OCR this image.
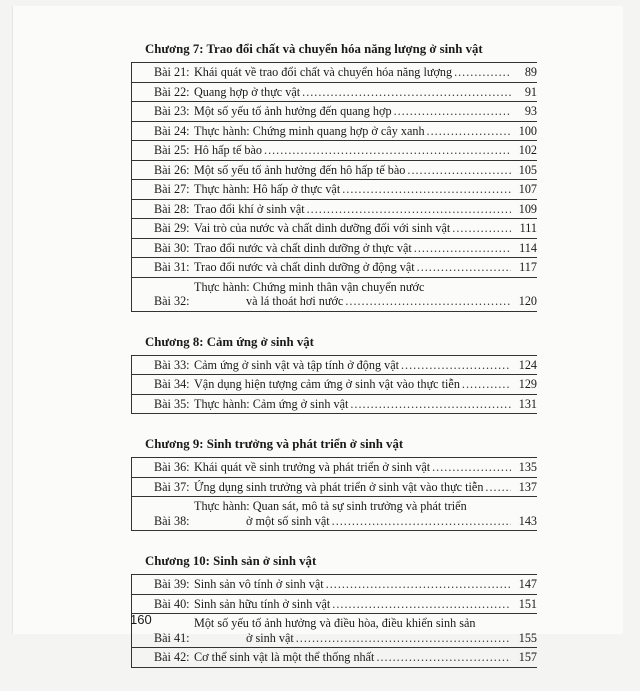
Chương 7: Trao đổi chất và chuyển hóa năng lượng ở sinh vật
Bài 21: Khái quát về trao đổi chất và chuyển hóa năng lượng .....	89
Bài 22: Quang hợp ở thực vật .....	91
Bài 23: Một số yếu tố ảnh hưởng đến quang hợp .....	93
Bài 24: Thực hành: Chứng minh quang hợp ở cây xanh .....	100
Bài 25: Hô hấp tế bào .....	102
Bài 26: Một số yếu tố ảnh hưởng đến hô hấp tế bào .....	105
Bài 27: Thực hành: Hô hấp ở thực vật .....	107
Bài 28: Trao đổi khí ở sinh vật .....	109
Bài 29: Vai trò của nước và chất dinh dưỡng đối với sinh vật .....	111
Bài 30: Trao đổi nước và chất dinh dưỡng ở thực vật .....	114
Bài 31: Trao đổi nước và chất dinh dưỡng ở động vật .....	117
Bài 32:
Thực hành: Chứng minh thân vận chuyển nước
và lá thoát hơi nước .....	120
Chương 8: Cảm ứng ở sinh vật
Bài 33: Cảm ứng ở sinh vật và tập tính ở động vật .....	124
Bài 34: Vận dụng hiện tượng cảm ứng ở sinh vật vào thực tiễn .....	129
Bài 35: Thực hành: Cảm ứng ở sinh vật .....	131
Chương 9: Sinh trưởng và phát triển ở sinh vật
Bài 36: Khái quát về sinh trưởng và phát triển ở sinh vật .....	135
Bài 37: Ứng dụng sinh trưởng và phát triển ở sinh vật vào thực tiễn .....	137
Bài 38:
Thực hành: Quan sát, mô tả sự sinh trưởng và phát triển
ở một số sinh vật .....	143
Chương 10: Sinh sản ở sinh vật
Bài 39: Sinh sản vô tính ở sinh vật .....	147
Bài 40: Sinh sản hữu tính ở sinh vật .....	151
Bài 41:
Một số yếu tố ảnh hưởng và điều hòa, điều khiển sinh sản
ở sinh vật .....	155
Bài 42: Cơ thể sinh vật là một thể thống nhất .....	157
160
